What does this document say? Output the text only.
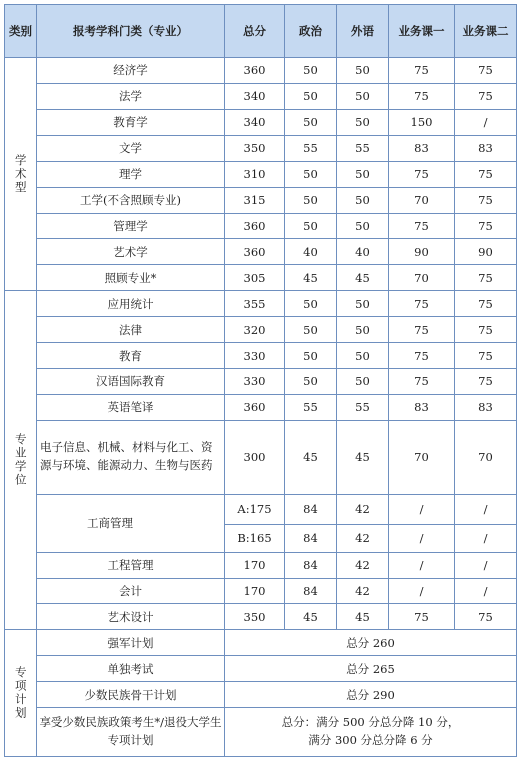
类别	报考学科门类（专业）	总分	政治	外语	业务课一	业务课二
学术型	经济学	360	50	50	75	75
	法学	340	50	50	75	75
	教育学	340	50	50	150	/
	文学	350	55	55	83	83
	理学	310	50	50	75	75
	工学(不含照顾专业)	315	50	50	70	75
	管理学	360	50	50	75	75
	艺术学	360	40	40	90	90
	照顾专业*	305	45	45	70	75
专业学位	应用统计	355	50	50	75	75
	法律	320	50	50	75	75
	教育	330	50	50	75	75
	汉语国际教育	330	50	50	75	75
	英语笔译	360	55	55	83	83
	电子信息、机械、材料与化工、资源与环境、能源动力、生物与医药	300	45	45	70	70
	工商管理	A:175	84	42	/	/
		B:165	84	42	/	/
	工程管理	170	84	42	/	/
	会计	170	84	42	/	/
	艺术设计	350	45	45	75	75
专项计划	强军计划	总分 260				
	单独考试	总分 265				
	少数民族骨干计划	总分 290				
	享受少数民族政策考生*/退役大学生专项计划	总分：满分 500 分总分降 10 分，
满分 300 分总分降 6 分				
